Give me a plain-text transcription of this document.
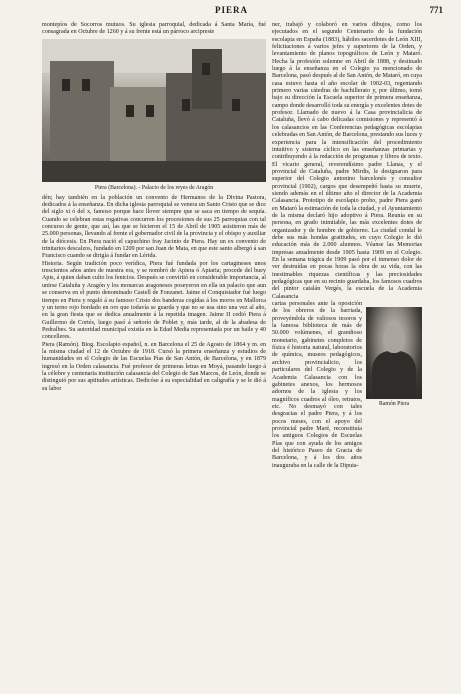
PIERA	771

montepíos de Socorros mutuos. Su iglesia parroquial, dedicada á Santa María, fué consagrada en Octubre de 1260 y á su frente está un párroco arcipreste

Piera (Barcelona). - Palacio de los reyes de Aragón

dén; hay también en la población un convento de Hermanos de la Divina Pastora, dedicados á la enseñanza. En dicha iglesia parroquial se venera un Santo Cristo que se dice del siglo xi ó del x, famoso porque hace llover siempre que se saca en tiempo de sequía. Cuando se celebran estas rogativas concurren los procesiones de sus 25 parroquias con tal concurso de gente, que así, las que se hicieron el 15 de Abril de 1905 asistieron más de 25.000 personas, llevando al frente el gobernador civil de la provincia y el obispo y auxiliar de la diócesis. En Piera nació el capuchino fray Jacinto de Piera. Hay un ex convento de trinitarios descalzos, fundado en 1209 por san Juan de Mata, en que este santo albergó á san Francisco cuando se dirigía á fundar en Lérida.

Historia. Según tradición poco verídica, Piera fué fundada por los cartagineses unos trescientos años antes de nuestra era, y se nombró de Apiera ó Apiaria; procede del buey Apis, á quien daban culto los fenicios. Después se convirtió en considerable importancia, al unirse Cataluña y Aragón y los monarcas aragoneses poseyeron en ella un palacio que aun se conserva en el punto denominado Castell de Fonzanet. Jaime el Conquistador fué luego tiempo en Piera y regaló á su famoso Cristo dos banderas cogidas á los moros en Mallorca y un terno rojo bordado en oro que todavía se guarda y que no se usa sino una vez al año, en la gran fiesta que se dedica anualmente á la repetida imagen. Jaime II cedió Piera á Guillermo de Cortés, luego pasó á señorío de Poblet y, más tarde, al de la abadesa de Pedralbes. Su autoridad municipal existía en la Edad Media representada por un baile y 40 concelleres.

Piera (Ramón). Biog. Escolapio español, n. en Barcelona el 25 de Agosto de 1864 y m. en la misma ciudad el 12 de Octubre de 1918. Cursó la primera enseñanza y estudios de humanidades en el Colegio de las Escuelas Pías de San Antón, de Barcelona, y en 1879 ingresó en la Orden calasancia. Fué profesor de primeras letras en Moyá, pasando luego á la célebre y centenaria institución calasancia del Colegio de San Marcos, de León, donde se distinguió por sus aptitudes artísticas. Dedicóse á su especialidad en caligrafía y se le dió á su labor

ner, trabajó y colaboró en varios dibujos, como los ejecutados en el segundo Centenario de la fundación escolapia en España (1883), hábiles sacerdotes de León XIII, felicitaciones á varios jefes y superiores de la Orden, y levantamiento de planos topográficos de León y Mataró. Hecha la profesión solemne en Abril de 1888, y destinado luego á la enseñanza en el Colegio ya mencionado de Barcelona, pasó después al de San Antón, de Mataró, en cuya casa estuvo hasta el año escolar de 1902-03, regentando primero varias cátedras de bachillerato y, por último, tomó bajo su dirección la Escuela superior de primera enseñanza, campo donde desarrolló toda su energía y excelentes dotes de profesor. Llamado de nuevo á la Casa provincialicia de Cataluña, llevó á cabo delicadas comisiones y representó á los calasancios en las Conferencias pedagógicas escolapias celebradas en San Antón, de Barcelona, prestando sus luces y experiencia para la intensificación del procedimiento intuitivo y sistema cíclico en las enseñanzas primarias y contribuyendo á la redacción de programas y libros de texto. El vicario general, reverendísimo padre Llanas, y el provincial de Cataluña, padre Mirdts, le designaron para superior del Colegio antonino barcelonés y consultor provincial (1902), cargos que desempeñó hasta su muerte, siendo además en el último año el director de la Academia Calasancia. Prototipo de escolapio probo, padre Piera ganó en Mataró la estimación de toda la ciudad, y el Ayuntamiento de la misma declaró hijo adoptivo á Piera. Reunía en su persona, en grado inimitable, las más excelentes dotes de organizador y de hombre de gobierno. La ciudad condal le debe sus más hondas gratitudes, en cuyo Colegio le dió educación más de 2.000 alumnos. Véanse las Memorias impresas anualmente desde 1905 hasta 1909 en el Colegio. En la semana trágica de 1909 pasó por el inmenso dolor de ver destruídas en pocas horas la obra de su vida, con las inestimables riquezas científicas y las preciosidades pedagógicas que en su recinto guardaba, los famosos cuadros del pintor catalán Vergés, la escuela de la Academia Calasancia

cartas personales ante la oposición de los obreros de la barriada, proveyéndola de valiosos tesoros y la famosa biblioteca de más de 50.000 volúmenes, el grandioso monetario, gabinetes completos de física é historia natural, laboratorios de química, museos pedagógicos, archivo provincialicio, los particulares del Colegio y de la Academia Calasancia con los gabinetes anexos, los hermosos adornos de la iglesia y los magníficos cuadros al óleo, retratos, etc. No desmayó con tales desgracias el padre Piera, y á los pocos meses, con el apoyo del provincial padre Maré, reconstituía los antiguos Colegios de Escuelas Pías que con ayuda de los amigos del histórico Paseo de Gracia de Barcelona, y á los dos años inauguraba en la calle de la Diputa-

Ramón Piera
